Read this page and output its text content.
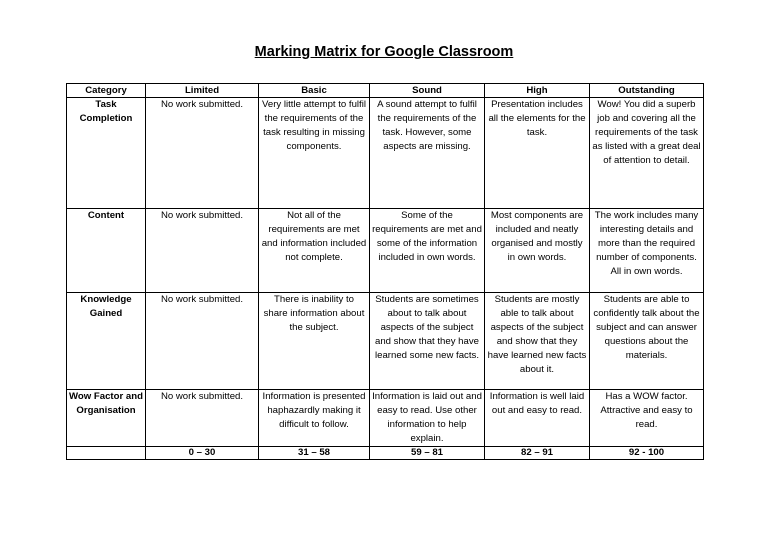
Marking Matrix for Google Classroom
Category	Limited	Basic	Sound	High	Outstanding
Task Completion	No work submitted.	Very little attempt to fulfil the requirements of the task resulting in missing components.	A sound attempt to fulfil the requirements of the task. However, some aspects are missing.	Presentation includes all the elements for the task.	Wow! You did a superb job and covering all the requirements of the task as listed with a great deal of attention to detail.
Content	No work submitted.	Not all of the requirements are met and information included not complete.	Some of the requirements are met and some of the information included in own words.	Most components are included and neatly organised and mostly in own words.	The work includes many interesting details and more than the required number of components. All in own words.
Knowledge Gained	No work submitted.	There is inability to share information about the subject.	Students are sometimes about to talk about aspects of the subject and show that they have learned some new facts.	Students are mostly able to talk about aspects of the subject and show that they have learned new facts about it.	Students are able to confidently talk about the subject and can answer questions about the materials.
Wow Factor and Organisation	No work submitted.	Information is presented haphazardly making it difficult to follow.	Information is laid out and easy to read. Use other information to help explain.	Information is well laid out and easy to read.	Has a WOW factor. Attractive and easy to read.
	0 – 30	31 – 58	59 – 81	82 – 91	92 - 100
